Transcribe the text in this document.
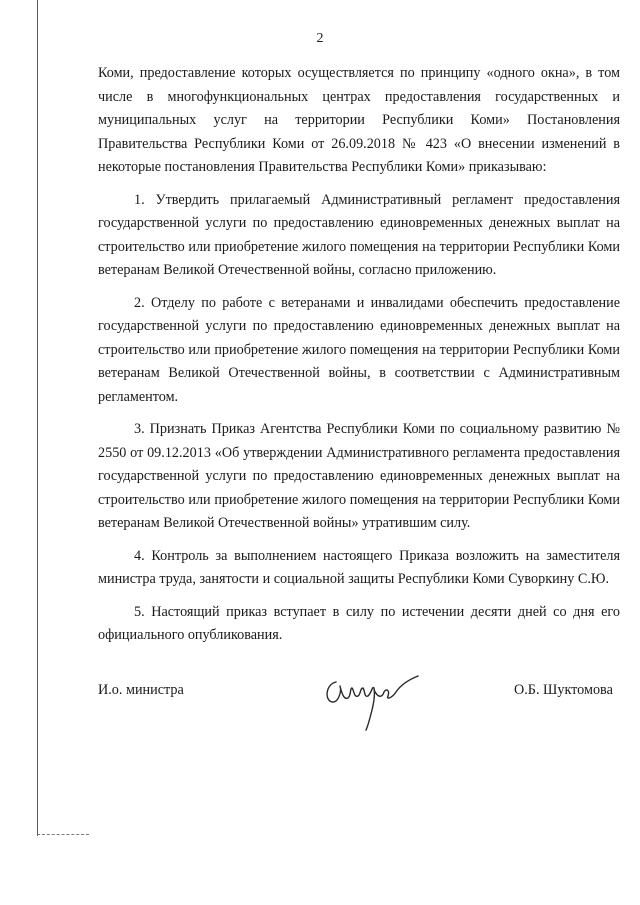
2

Коми, предоставление которых осуществляется по принципу «одного окна», в том
числе в многофункциональных центрах предоставления государственных и
муниципальных услуг на территории Республики Коми» Постановления
Правительства Республики Коми от 26.09.2018 № 423 «О внесении изменений в
некоторые постановления Правительства Республики Коми» приказываю:

1. Утвердить прилагаемый Административный регламент предоставления государственной услуги по предоставлению единовременных денежных выплат на строительство или приобретение жилого помещения на территории Республики Коми ветеранам Великой Отечественной войны, согласно приложению.

2. Отделу по работе с ветеранами и инвалидами обеспечить предоставление государственной услуги по предоставлению единовременных денежных выплат на строительство или приобретение жилого помещения на территории Республики Коми ветеранам Великой Отечественной войны, в соответствии с Административным регламентом.

3. Признать Приказ Агентства Республики Коми по социальному развитию № 2550 от 09.12.2013 «Об утверждении Административного регламента предоставления государственной услуги по предоставлению единовременных денежных выплат на строительство или приобретение жилого помещения на территории Республики Коми ветеранам Великой Отечественной войны» утратившим силу.

4. Контроль за выполнением настоящего Приказа возложить на заместителя министра труда, занятости и социальной защиты Республики Коми Суворкину С.Ю.

5. Настоящий приказ вступает в силу по истечении десяти дней со дня его официального опубликования.

И.о. министра	О.Б. Шуктомова
